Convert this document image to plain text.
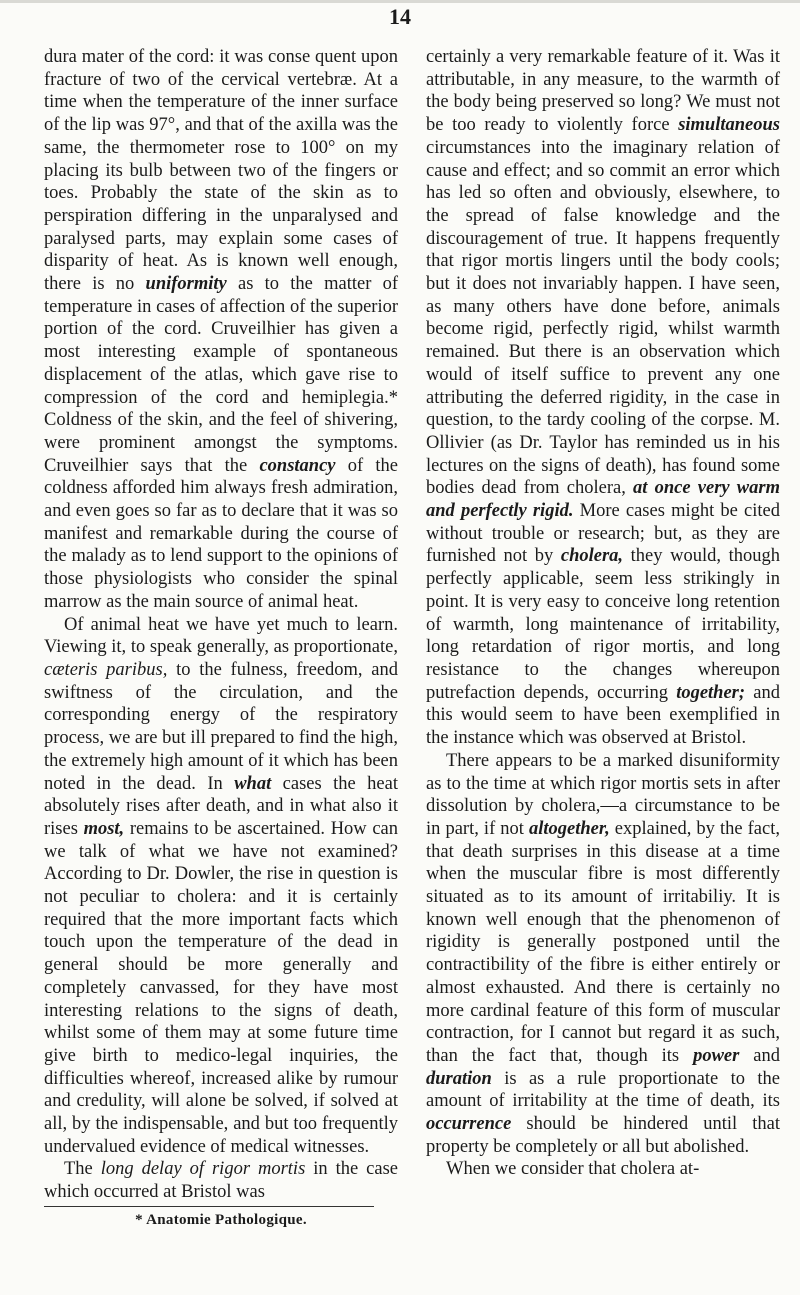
14

dura mater of the cord: it was conse quent upon fracture of two of the cervical vertebræ. At a time when the temperature of the inner surface of the lip was 97°, and that of the axilla was the same, the thermometer rose to 100° on my placing its bulb between two of the fingers or toes. Probably the state of the skin as to perspiration differing in the unparalysed and paralysed parts, may explain some cases of disparity of heat. As is known well enough, there is no uniformity as to the matter of temperature in cases of affection of the superior portion of the cord. Cruveilhier has given a most interesting example of spontaneous displacement of the atlas, which gave rise to compression of the cord and hemiplegia.* Coldness of the skin, and the feel of shivering, were prominent amongst the symptoms. Cruveilhier says that the constancy of the coldness afforded him always fresh admiration, and even goes so far as to declare that it was so manifest and remarkable during the course of the malady as to lend support to the opinions of those physiologists who consider the spinal marrow as the main source of animal heat.

Of animal heat we have yet much to learn. Viewing it, to speak generally, as proportionate, cæteris paribus, to the fulness, freedom, and swiftness of the circulation, and the corresponding energy of the respiratory process, we are but ill prepared to find the high, the extremely high amount of it which has been noted in the dead. In what cases the heat absolutely rises after death, and in what also it rises most, remains to be ascertained. How can we talk of what we have not examined? According to Dr. Dowler, the rise in question is not peculiar to cholera: and it is certainly required that the more important facts which touch upon the temperature of the dead in general should be more generally and completely canvassed, for they have most interesting relations to the signs of death, whilst some of them may at some future time give birth to medico-legal inquiries, the difficulties whereof, increased alike by rumour and credulity, will alone be solved, if solved at all, by the indispensable, and but too frequently undervalued evidence of medical witnesses.

The long delay of rigor mortis in the case which occurred at Bristol was

* Anatomie Pathologique.

certainly a very remarkable feature of it. Was it attributable, in any measure, to the warmth of the body being preserved so long? We must not be too ready to violently force simultaneous circumstances into the imaginary relation of cause and effect; and so commit an error which has led so often and obviously, elsewhere, to the spread of false knowledge and the discouragement of true. It happens frequently that rigor mortis lingers until the body cools; but it does not invariably happen. I have seen, as many others have done before, animals become rigid, perfectly rigid, whilst warmth remained. But there is an observation which would of itself suffice to prevent any one attributing the deferred rigidity, in the case in question, to the tardy cooling of the corpse. M. Ollivier (as Dr. Taylor has reminded us in his lectures on the signs of death), has found some bodies dead from cholera, at once very warm and perfectly rigid. More cases might be cited without trouble or research; but, as they are furnished not by cholera, they would, though perfectly applicable, seem less strikingly in point. It is very easy to conceive long retention of warmth, long maintenance of irritability, long retardation of rigor mortis, and long resistance to the changes whereupon putrefaction depends, occurring together; and this would seem to have been exemplified in the instance which was observed at Bristol.

There appears to be a marked disuniformity as to the time at which rigor mortis sets in after dissolution by cholera,—a circumstance to be in part, if not altogether, explained, by the fact, that death surprises in this disease at a time when the muscular fibre is most differently situated as to its amount of irritabiliy. It is known well enough that the phenomenon of rigidity is generally postponed until the contractibility of the fibre is either entirely or almost exhausted. And there is certainly no more cardinal feature of this form of muscular contraction, for I cannot but regard it as such, than the fact that, though its power and duration is as a rule proportionate to the amount of irritability at the time of death, its occurrence should be hindered until that property be completely or all but abolished.

When we consider that cholera at-
